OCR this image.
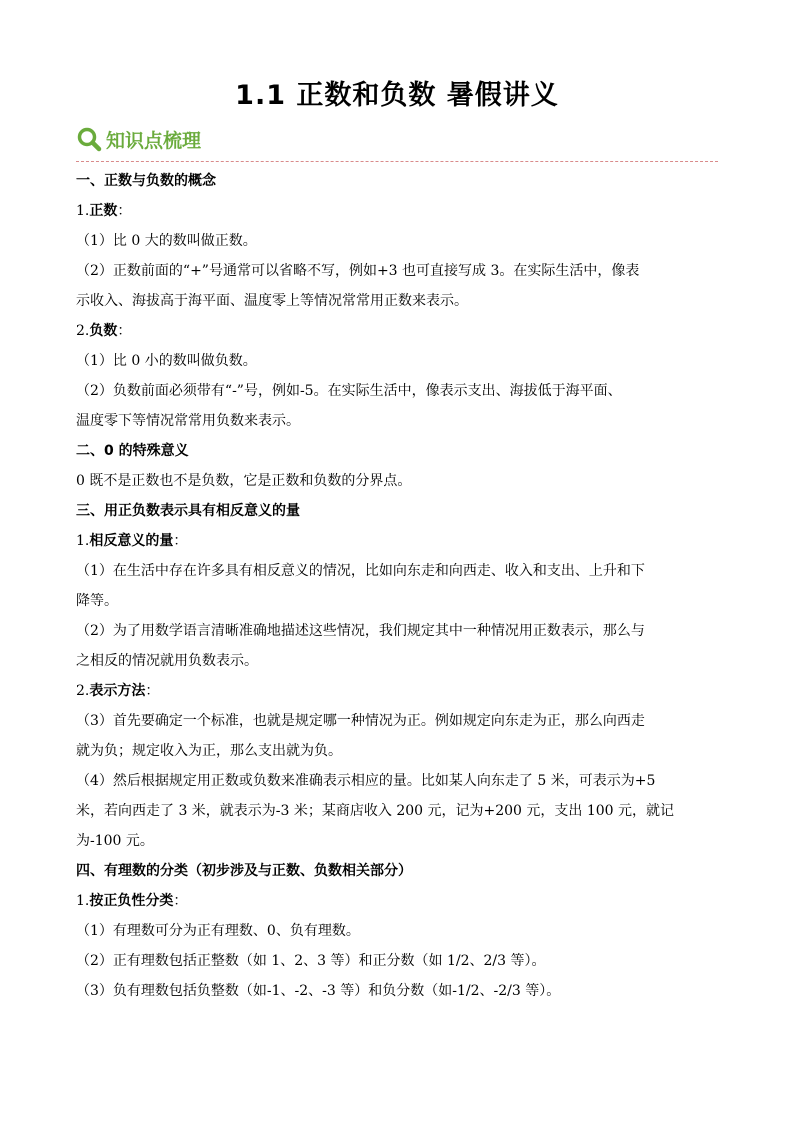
1.1 正数和负数 暑假讲义
知识点梳理

一、正数与负数的概念

1.正数：

（1）比 0 大的数叫做正数。

（2）正数前面的“+”号通常可以省略不写，例如+3 也可直接写成 3。在实际生活中，像表

示收入、海拔高于海平面、温度零上等情况常常用正数来表示。

2.负数：

（1）比 0 小的数叫做负数。

（2）负数前面必须带有“-”号，例如-5。在实际生活中，像表示支出、海拔低于海平面、

温度零下等情况常常用负数来表示。

二、0 的特殊意义

0 既不是正数也不是负数，它是正数和负数的分界点。

三、用正负数表示具有相反意义的量

1.相反意义的量：

（1）在生活中存在许多具有相反意义的情况，比如向东走和向西走、收入和支出、上升和下

降等。

（2）为了用数学语言清晰准确地描述这些情况，我们规定其中一种情况用正数表示，那么与

之相反的情况就用负数表示。

2.表示方法：

（3）首先要确定一个标准，也就是规定哪一种情况为正。例如规定向东走为正，那么向西走

就为负；规定收入为正，那么支出就为负。

（4）然后根据规定用正数或负数来准确表示相应的量。比如某人向东走了 5 米，可表示为+5

米，若向西走了 3 米，就表示为-3 米；某商店收入 200 元，记为+200 元，支出 100 元，就记

为-100 元。

四、有理数的分类（初步涉及与正数、负数相关部分）

1.按正负性分类：

（1）有理数可分为正有理数、0、负有理数。

（2）正有理数包括正整数（如 1、2、3 等）和正分数（如 1/2、2/3 等）。

（3）负有理数包括负整数（如-1、-2、-3 等）和负分数（如-1/2、-2/3 等）。
